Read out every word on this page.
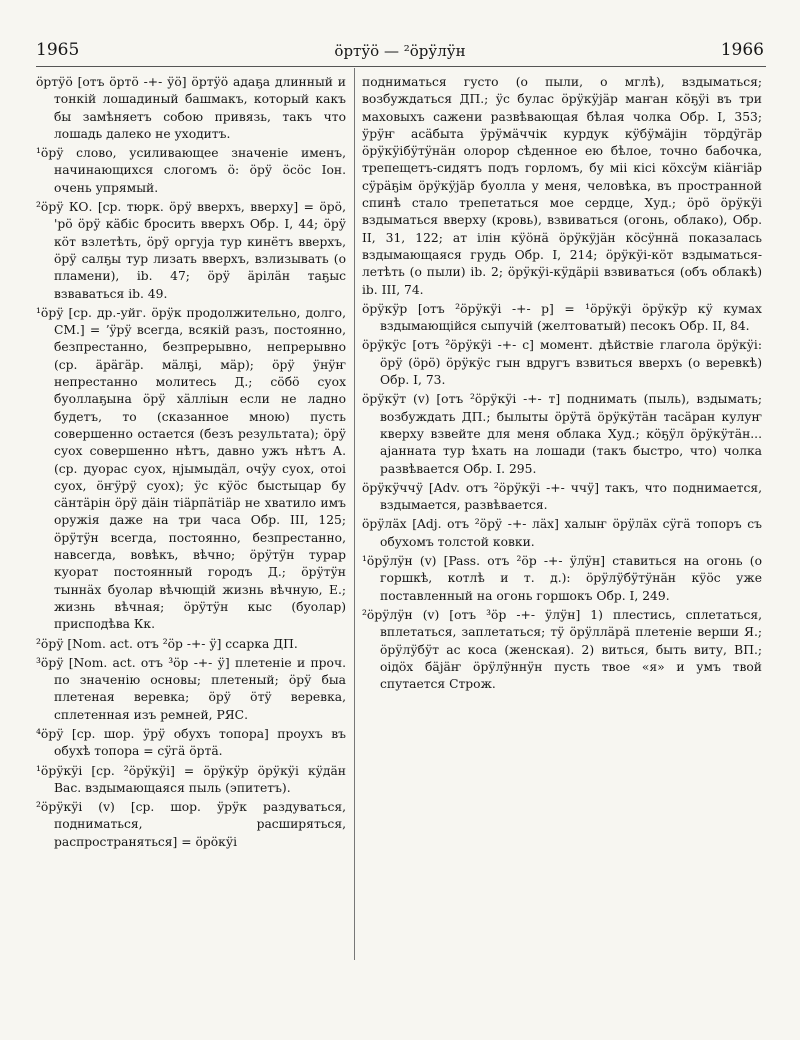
1965	ӧртӱӧ — ²ӧрӱлӱн	1966

ӧртӱӧ [отъ ӧртӧ -+- ӱӧ] ӧртӱӧ адаҕа длинный и тонкій лошадиный башмакъ, который какъ бы замѣняетъ собою привязь, такъ что лошадь далеко не уходитъ.

¹ӧрӱ слово, усиливающее значеніе именъ, начинающихся слогомъ ӧ: ӧрӱ ӧсӧс Іон. очень упрямый.

²ӧрӱ КО. [ср. тюрк. ӧрӱ вверхъ, вверху] = ӧрӧ, 'рӧ ӧрӱ кӓбіс бросить вверхъ Обр. I, 44; ӧрӱ кӧт взлетѣть, ӧрӱ оргуја тур кинётъ вверхъ, ӧрӱ салҕы тур лизать вверхъ, взлизывать (о пламени), ib. 47; ӧрӱ ӓрілӓн таҕыс взваваться ib. 49.

¹ӧрӱ [ср. др.-уйг. ӧрӱк продолжительно, долго, СМ.] = ʼӱрӱ всегда, всякій разъ, постоянно, безпрестанно, безпрерывно, непрерывно (ср. ӓрӓгӓр. мӓлҕі, мӓр); ӧрӱ ӱнӱҥ непрестанно молитесь Д.; сӧбӧ суох буоллаҕына ӧрӱ хӓлліын если не ладно будетъ, то (сказанное мною) пусть совершенно остается (безъ результата); ӧрӱ суох совершенно нѣтъ, давно ужъ нѣтъ А. (ср. дуорас суох, нјымыдӓл, очӱу суох, отоі суох, ӧҥӱрӱ суох); ӱс кӱӧс быстыцар бу сӓнтӓрін ӧрӱ дӓін тіӓрпӓтіӓр не хватило имъ оружія даже на три часа Обр. III, 125; ӧрӱтӱн всегда, постоянно, безпрестанно, навсегда, вовѣкъ, вѣчно; ӧрӱтӱн турар куорат постоянный городъ Д.; ӧрӱтӱн тыннӓх буолар вѣчющій жизнь вѣчную, Е.; жизнь вѣчная; ӧрӱтӱн кыс (буолар) присподѣва Кк.

²ӧрӱ [Nom. act. отъ ²ӧр -+- ӱ] ссарка ДП.

³ӧрӱ [Nom. act. отъ ³ӧр -+- ӱ] плетеніе и проч. по значенію основы; плетеный; ӧрӱ быа плетеная веревка; ӧрӱ ӧтӱ веревка, сплетенная изъ ремней, РЯС.

⁴ӧрӱ [ср. шор. ӱрӱ обухъ топора] проухъ въ обухѣ топора = сӱгӓ ӧртӓ.

¹ӧрӱкӱі [ср. ²ӧрӱкӱі] = ӧрӱкӱр ӧрӱкӱі кӱдӓн Вас. вздымающаяся пыль (эпитетъ).

²ӧрӱкӱі (v) [ср. шор. ӱрӱк раздуваться, подниматься, расширяться, распространяться] = ӧрӧкӱі

подниматься густо (о пыли, о мглѣ), вздыматься; возбуждаться ДП.; ӱс булас ӧрӱкӱјӓр маҥан кӧҕӱі въ три маховыхъ сажени развѣвающая бѣлая чолка Обр. I, 353; ӱрӱҥ асӓбыта ӱрӱмӓччік курдук кӱбӱмӓјін тӧрдӱгӓр ӧрӱкӱібӱтӱнӓн олорор сѣденное ею бѣлое, точно бабочка, трепещетъ-сидятъ подъ горломъ, бу міі кісі кӧхсӱм кіӓҥіӓр сӱрӓҕім ӧрӱкӱјӓр буолла у меня, человѣка, въ пространной спинѣ стало трепетаться мое сердце, Худ.; ӧрӧ ӧрӱкӱі вздыматься вверху (кровь), взвиваться (огонь, облако), Обр. II, 31, 122; ат ілін кӱӧнӓ ӧрӱкӱјӓн кӧсӱннӓ показалась вздымающаяся грудь Обр. I, 214; ӧрӱкӱі-кӧт вздыматься-летѣть (о пыли) ib. 2; ӧрӱкӱі-кӱдӓріі взвиваться (объ облакѣ) ib. III, 74.

ӧрӱкӱр [отъ ²ӧрӱкӱі -+- р] = ¹ӧрӱкӱі ӧрӱкӱр кӱ кумах вздымающійся сыпучій (желтоватый) песокъ Обр. II, 84.

ӧрӱкӱс [отъ ²ӧрӱкӱі -+- с] момент. дѣйствіе глагола ӧрӱкӱі: ӧрӱ (ӧрӧ) ӧрӱкӱс гын вдругъ взвиться вверхъ (о веревкѣ) Обр. I, 73.

ӧрӱкӱт (v) [отъ ²ӧрӱкӱі -+- т] поднимать (пыль), вздымать; возбуждать ДП.; былыты ӧрӱтӓ ӧрӱкӱтӓн тасӓран кулуҥ кверху взвейте для меня облака Худ.; кӧҕӱл ӧрӱкӱтӓн... ајанната тур ѣхать на лошади (такъ быстро, что) чолка развѣвается Обр. I. 295.

ӧрӱкӱччӱ [Adv. отъ ²ӧрӱкӱі -+- ччӱ] такъ, что поднимается, вздымается, развѣвается.

ӧрӱлӓх [Adj. отъ ²ӧрӱ -+- лӓх] халыҥ ӧрӱлӓх сӱгӓ топоръ съ обухомъ толстой ковки.

¹ӧрӱлӱн (v) [Pass. отъ ²ӧр -+- ӱлӱн] ставиться на огонь (о горшкѣ, котлѣ и т. д.): ӧрӱлӱбӱтӱнӓн кӱӧс уже поставленный на огонь горшокъ Обр. I, 249.

²ӧрӱлӱн (v) [отъ ³ӧр -+- ӱлӱн] 1) плестись, сплетаться, вплетаться, заплетаться; тӱ ӧрӱллӓрӓ плетеніе верши Я.; ӧрӱлӱбӱт ас коса (женская). 2) виться, быть виту, ВП.; оідӧх бӓјӓҥ ӧрӱлӱннӱн пусть твое «я» и умъ твой спутается Строж.
